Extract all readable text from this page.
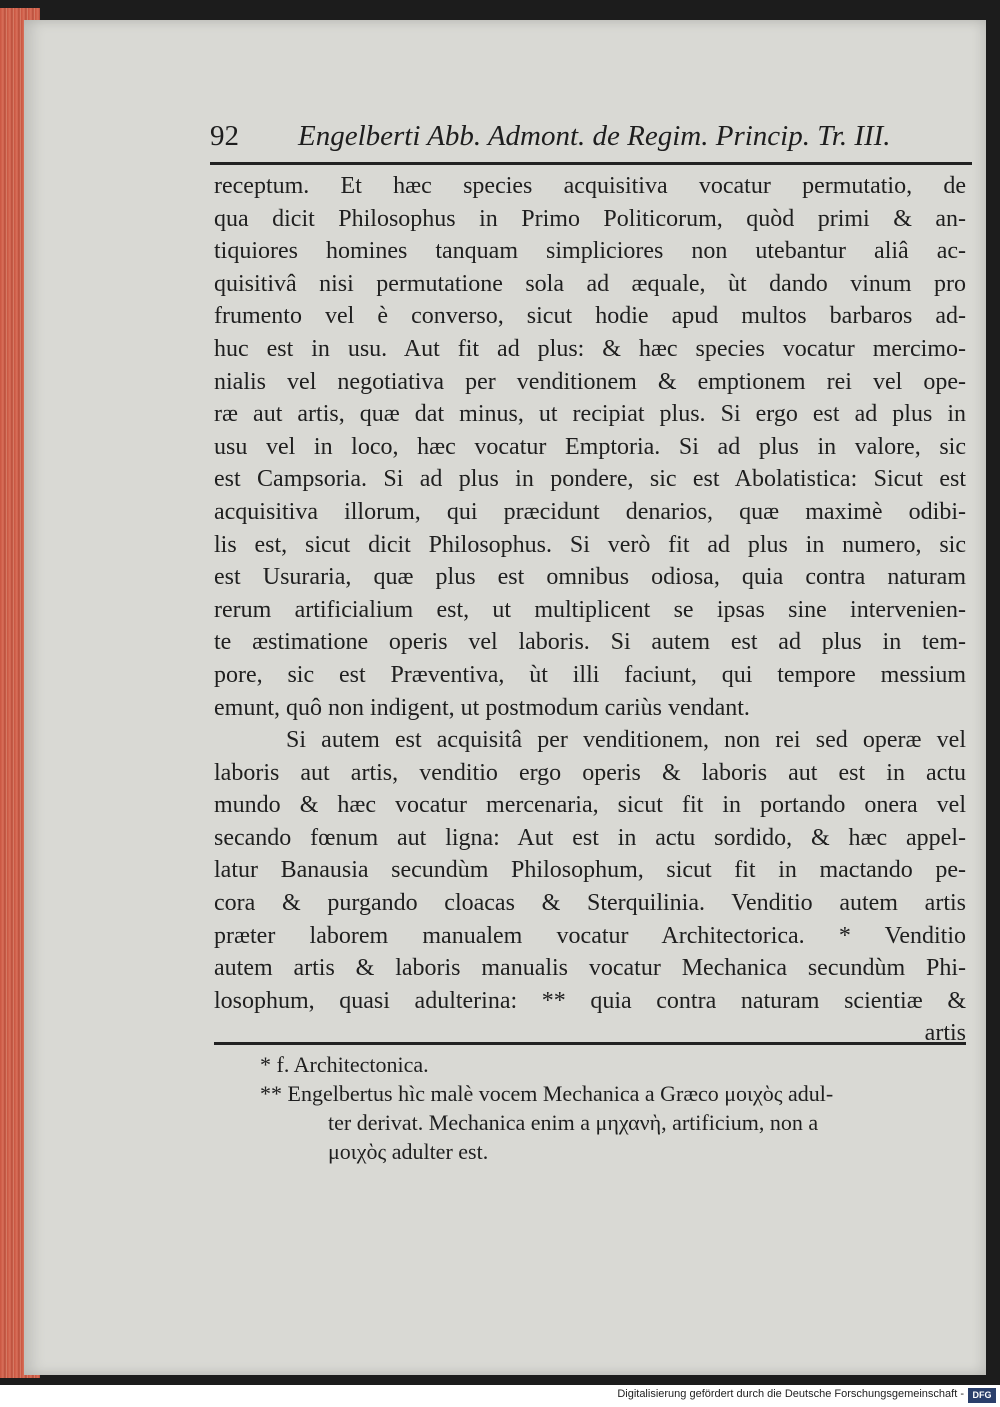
92 Engelberti Abb. Admont. de Regim. Princip. Tr. III.
receptum. Et hæc species acquisitiva vocatur permutatio, de
qua dicit Philosophus in Primo Politicorum, quòd primi & an-
tiquiores homines tanquam simpliciores non utebantur aliâ ac-
quisitivâ nisi permutatione sola ad æquale, ùt dando vinum pro
frumento vel è converso, sicut hodie apud multos barbaros ad-
huc est in usu. Aut fit ad plus: & hæc species vocatur mercimo-
nialis vel negotiativa per venditionem & emptionem rei vel ope-
ræ aut artis, quæ dat minus, ut recipiat plus. Si ergo est ad plus in
usu vel in loco, hæc vocatur Emptoria. Si ad plus in valore, sic
est Campsoria. Si ad plus in pondere, sic est Abolatistica: Sicut est
acquisitiva illorum, qui præcidunt denarios, quæ maximè odibi-
lis est, sicut dicit Philosophus. Si verò fit ad plus in numero, sic
est Usuraria, quæ plus est omnibus odiosa, quia contra naturam
rerum artificialium est, ut multiplicent se ipsas sine intervenien-
te æstimatione operis vel laboris. Si autem est ad plus in tem-
pore, sic est Præventiva, ùt illi faciunt, qui tempore messium
emunt, quô non indigent, ut postmodum cariùs vendant.
Si autem est acquisitâ per venditionem, non rei sed operæ vel
laboris aut artis, venditio ergo operis & laboris aut est in actu
mundo & hæc vocatur mercenaria, sicut fit in portando onera vel
secando fœnum aut ligna: Aut est in actu sordido, & hæc appel-
latur Banausia secundùm Philosophum, sicut fit in mactando pe-
cora & purgando cloacas & Sterquilinia. Venditio autem artis
præter laborem manualem vocatur Architectorica. * Venditio
autem artis & laboris manualis vocatur Mechanica secundùm Phi-
losophum, quasi adulterina: ** quia contra naturam scientiæ &
artis
* f. Architectonica.
** Engelbertus hìc malè vocem Mechanica a Græco μοιχὸς adul-
ter derivat. Mechanica enim a μηχανὴ, artificium, non a
μοιχὸς adulter est.
Digitalisierung gefördert durch die Deutsche Forschungsgemeinschaft - DFG
